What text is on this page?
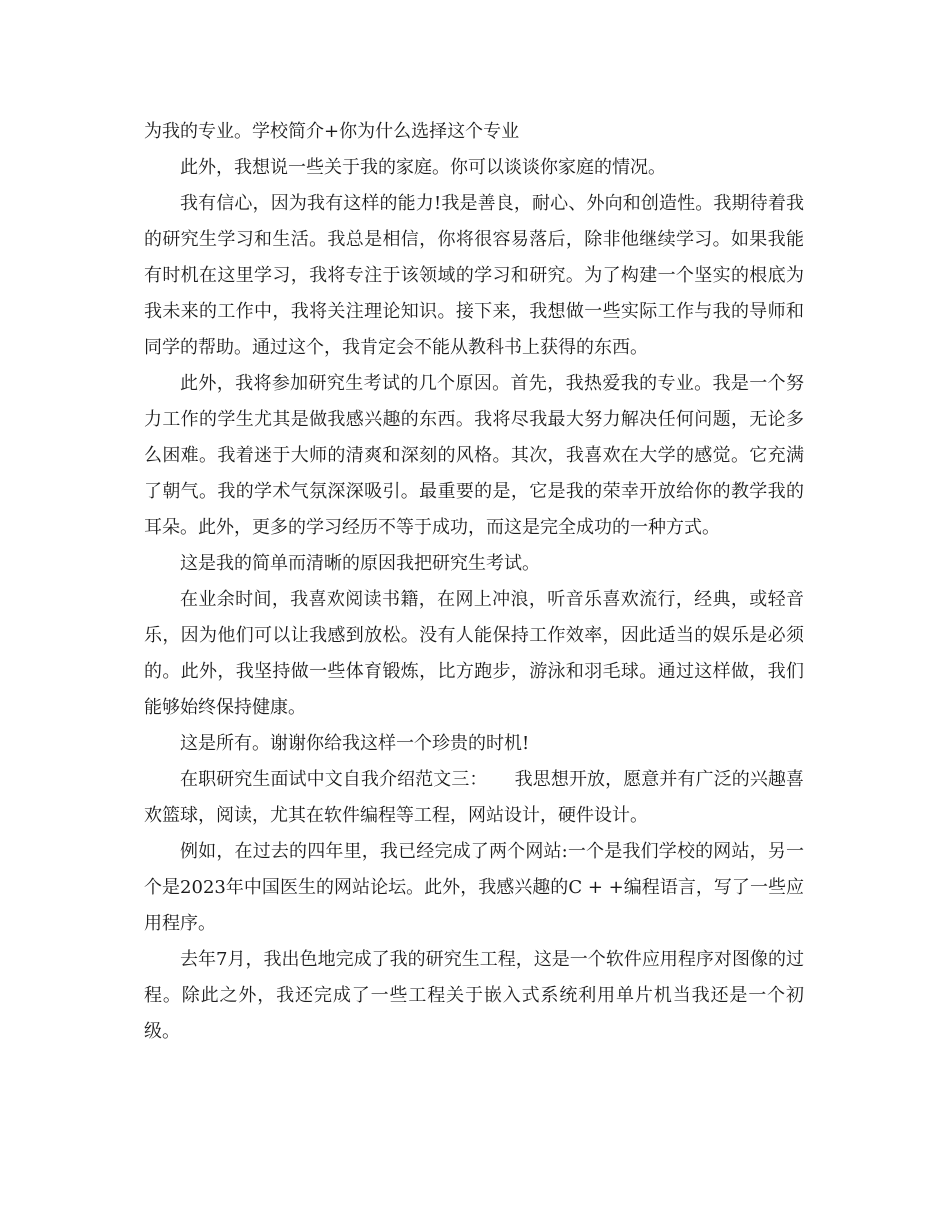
为我的专业。学校简介+你为什么选择这个专业

此外，我想说一些关于我的家庭。你可以谈谈你家庭的情况。

我有信心，因为我有这样的能力!我是善良，耐心、外向和创造性。我期待着我的研究生学习和生活。我总是相信，你将很容易落后，除非他继续学习。如果我能有时机在这里学习，我将专注于该领域的学习和研究。为了构建一个坚实的根底为我未来的工作中，我将关注理论知识。接下来，我想做一些实际工作与我的导师和同学的帮助。通过这个，我肯定会不能从教科书上获得的东西。

此外，我将参加研究生考试的几个原因。首先，我热爱我的专业。我是一个努力工作的学生尤其是做我感兴趣的东西。我将尽我最大努力解决任何问题，无论多么困难。我着迷于大师的清爽和深刻的风格。其次，我喜欢在大学的感觉。它充满了朝气。我的学术气氛深深吸引。最重要的是，它是我的荣幸开放给你的教学我的耳朵。此外，更多的学习经历不等于成功，而这是完全成功的一种方式。

这是我的简单而清晰的原因我把研究生考试。

在业余时间，我喜欢阅读书籍，在网上冲浪，听音乐喜欢流行，经典，或轻音乐，因为他们可以让我感到放松。没有人能保持工作效率，因此适当的娱乐是必须的。此外，我坚持做一些体育锻炼，比方跑步，游泳和羽毛球。通过这样做，我们能够始终保持健康。

这是所有。谢谢你给我这样一个珍贵的时机!

在职研究生面试中文自我介绍范文三：　　我思想开放，愿意并有广泛的兴趣喜欢篮球，阅读，尤其在软件编程等工程，网站设计，硬件设计。

例如，在过去的四年里，我已经完成了两个网站:一个是我们学校的网站，另一个是2023年中国医生的网站论坛。此外，我感兴趣的C + +编程语言，写了一些应用程序。

去年7月，我出色地完成了我的研究生工程，这是一个软件应用程序对图像的过程。除此之外，我还完成了一些工程关于嵌入式系统利用单片机当我还是一个初级。
